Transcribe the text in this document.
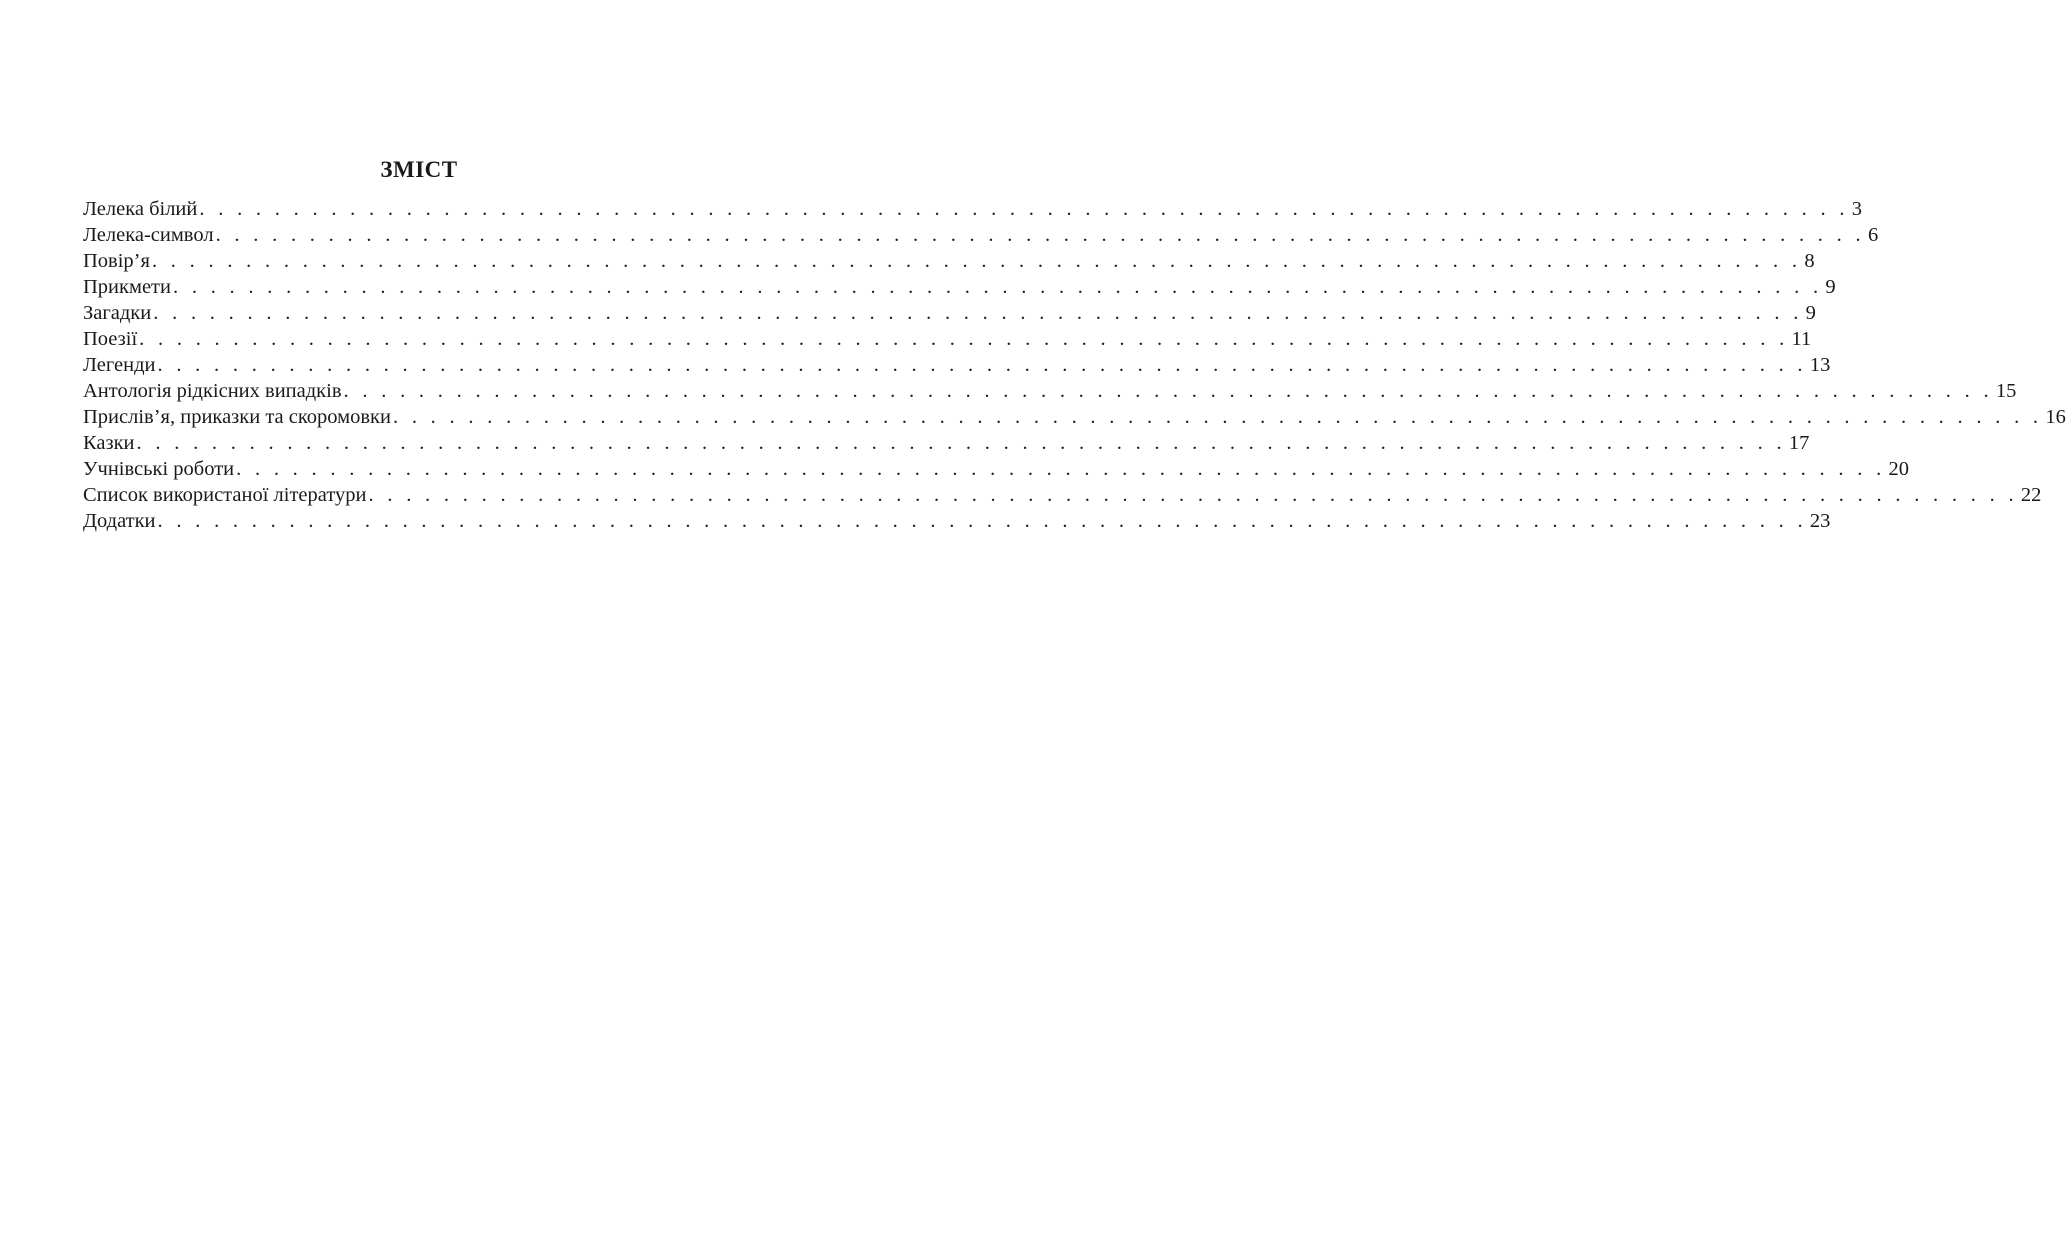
ЗМІСТ
Лелека білий . . . . . . . . . . . . . . . . . . . . . . . . . . . . . . . . . . . . . . . . . . . . . . . . . . . . . . . . . . . . . . . . . . . . . . . . . . . . . . . . . . . . . . . . 3
Лелека-символ . . . . . . . . . . . . . . . . . . . . . . . . . . . . . . . . . . . . . . . . . . . . . . . . . . . . . . . . . . . . . . . . . . . . . . . . . . . . . . . . . . . . . . . . 6
Повір’я . . . . . . . . . . . . . . . . . . . . . . . . . . . . . . . . . . . . . . . . . . . . . . . . . . . . . . . . . . . . . . . . . . . . . . . . . . . . . . . . . . . . . . . . 8
Прикмети . . . . . . . . . . . . . . . . . . . . . . . . . . . . . . . . . . . . . . . . . . . . . . . . . . . . . . . . . . . . . . . . . . . . . . . . . . . . . . . . . . . . . . . . 9
Загадки . . . . . . . . . . . . . . . . . . . . . . . . . . . . . . . . . . . . . . . . . . . . . . . . . . . . . . . . . . . . . . . . . . . . . . . . . . . . . . . . . . . . . . . . 9
Поезії . . . . . . . . . . . . . . . . . . . . . . . . . . . . . . . . . . . . . . . . . . . . . . . . . . . . . . . . . . . . . . . . . . . . . . . . . . . . . . . . . . . . . . . . 11
Легенди . . . . . . . . . . . . . . . . . . . . . . . . . . . . . . . . . . . . . . . . . . . . . . . . . . . . . . . . . . . . . . . . . . . . . . . . . . . . . . . . . . . . . . . . 13
Антологія рідкісних випадків . . . . . . . . . . . . . . . . . . . . . . . . . . . . . . . . . . . . . . . . . . . . . . . . . . . . . . . . . . . . . . . . . . . . . . . . . . . . . . . . . . . . . . . . 15
Прислів’я, приказки та скоромовки . . . . . . . . . . . . . . . . . . . . . . . . . . . . . . . . . . . . . . . . . . . . . . . . . . . . . . . . . . . . . . . . . . . . . . . . . . . . . . . . . . . . . . . . 16
Казки . . . . . . . . . . . . . . . . . . . . . . . . . . . . . . . . . . . . . . . . . . . . . . . . . . . . . . . . . . . . . . . . . . . . . . . . . . . . . . . . . . . . . . . . 17
Учнівські роботи . . . . . . . . . . . . . . . . . . . . . . . . . . . . . . . . . . . . . . . . . . . . . . . . . . . . . . . . . . . . . . . . . . . . . . . . . . . . . . . . . . . . . . . . 20
Список використаної літератури . . . . . . . . . . . . . . . . . . . . . . . . . . . . . . . . . . . . . . . . . . . . . . . . . . . . . . . . . . . . . . . . . . . . . . . . . . . . . . . . . . . . . . . . 22
Додатки . . . . . . . . . . . . . . . . . . . . . . . . . . . . . . . . . . . . . . . . . . . . . . . . . . . . . . . . . . . . . . . . . . . . . . . . . . . . . . . . . . . . . . . . 23
